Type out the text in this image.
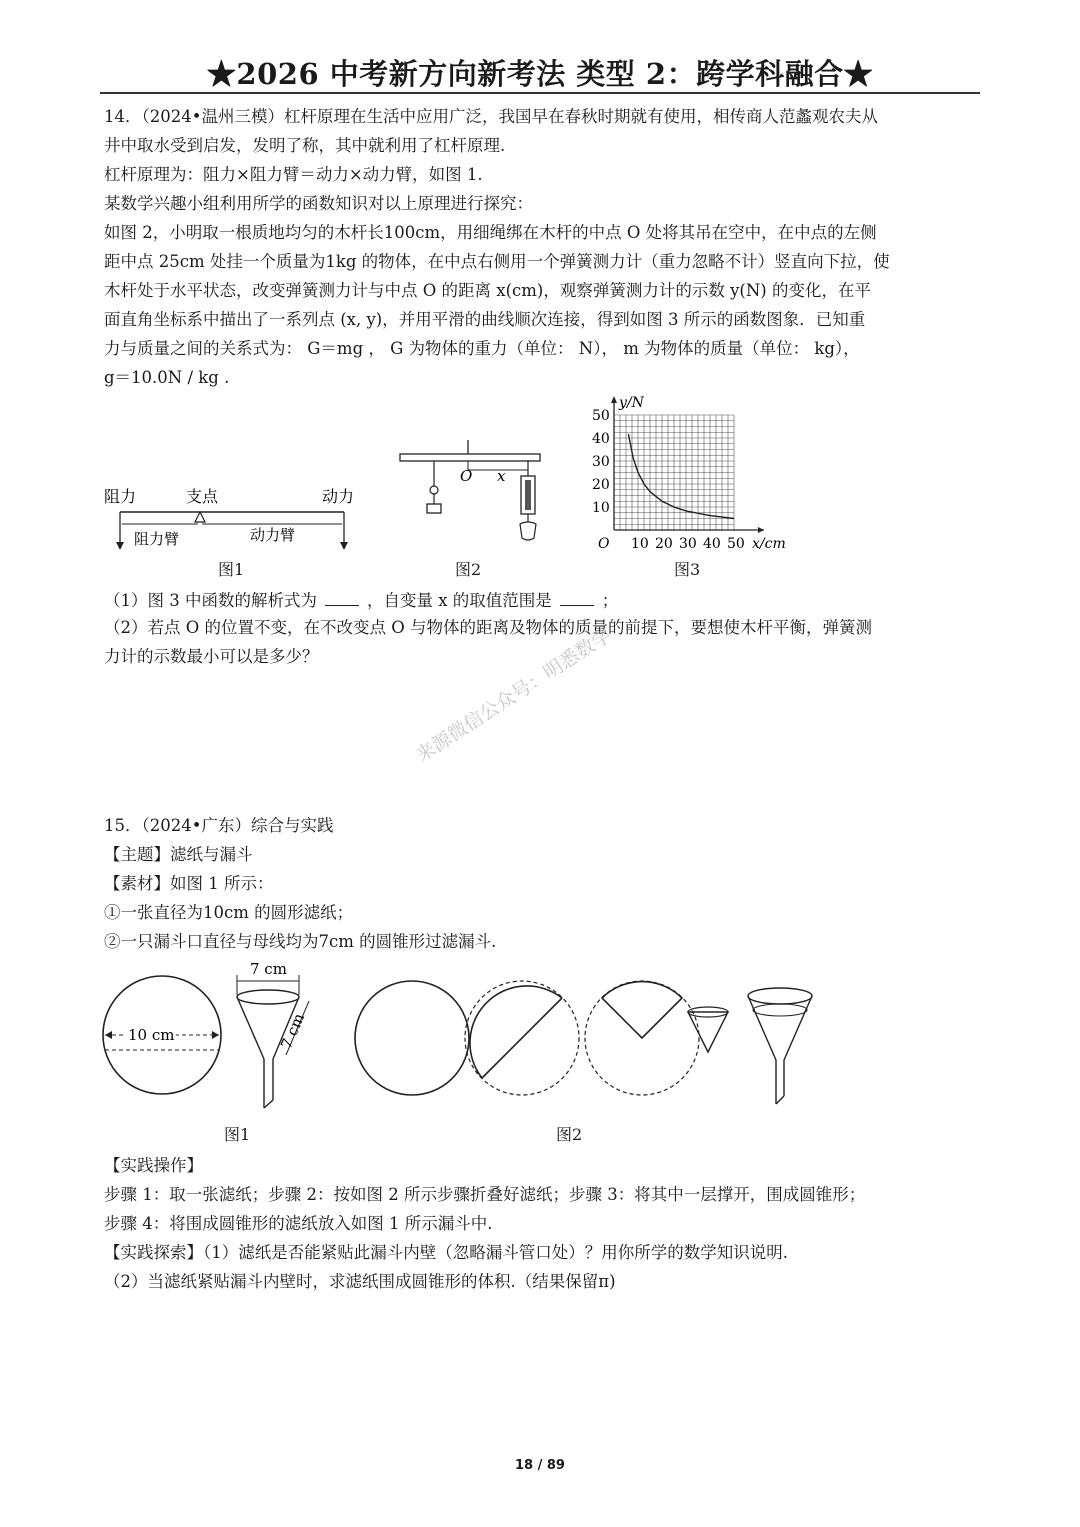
★2026 中考新方向新考法 类型 2：跨学科融合★
14．（2024•温州三模）杠杆原理在生活中应用广泛，我国早在春秋时期就有使用，相传商人范蠡观农夫从
井中取水受到启发，发明了称，其中就利用了杠杆原理.
杠杆原理为：阻力×阻力臂＝动力×动力臂，如图 1.
某数学兴趣小组利用所学的函数知识对以上原理进行探究：
如图 2，小明取一根质地均匀的木杆长100cm，用细绳绑在木杆的中点 O 处将其吊在空中，在中点的左侧
距中点 25cm 处挂一个质量为1kg 的物体，在中点右侧用一个弹簧测力计（重力忽略不计）竖直向下拉，使
木杆处于水平状态，改变弹簧测力计与中点 O 的距离 x(cm)，观察弹簧测力计的示数 y(N) 的变化，在平
面直角坐标系中描出了一系列点 (x, y)，并用平滑的曲线顺次连接，得到如图 3 所示的函数图象．已知重
力与质量之间的关系式为： G＝mg ， G 为物体的重力（单位： N）， m 为物体的质量（单位： kg），
g＝10.0N / kg .
阻力	支点	动力
阻力臂	动力臂
图1
O x
图2
10
20
30
40
50
10 20 30 40 50
O
y/N
x/cm
图3
（1）图 3 中函数的解析式为	，自变量 x 的取值范围是	；
（2）若点 O 的位置不变，在不改变点 O 与物体的距离及物体的质量的前提下，要想使木杆平衡，弹簧测
力计的示数最小可以是多少？	来源微信公众号：明悉数学
15．（2024•广东）综合与实践
【主题】滤纸与漏斗
【素材】如图 1 所示：
①一张直径为10cm 的圆形滤纸；
②一只漏斗口直径与母线均为7cm 的圆锥形过滤漏斗.
10 cm
7 cm
7 cm
图1	图2
【实践操作】
步骤 1：取一张滤纸；步骤 2：按如图 2 所示步骤折叠好滤纸；步骤 3：将其中一层撑开，围成圆锥形；
步骤 4：将围成圆锥形的滤纸放入如图 1 所示漏斗中.
【实践探索】（1）滤纸是否能紧贴此漏斗内壁（忽略漏斗管口处）？用你所学的数学知识说明.
（2）当滤纸紧贴漏斗内壁时，求滤纸围成圆锥形的体积.（结果保留π)
18 / 89
